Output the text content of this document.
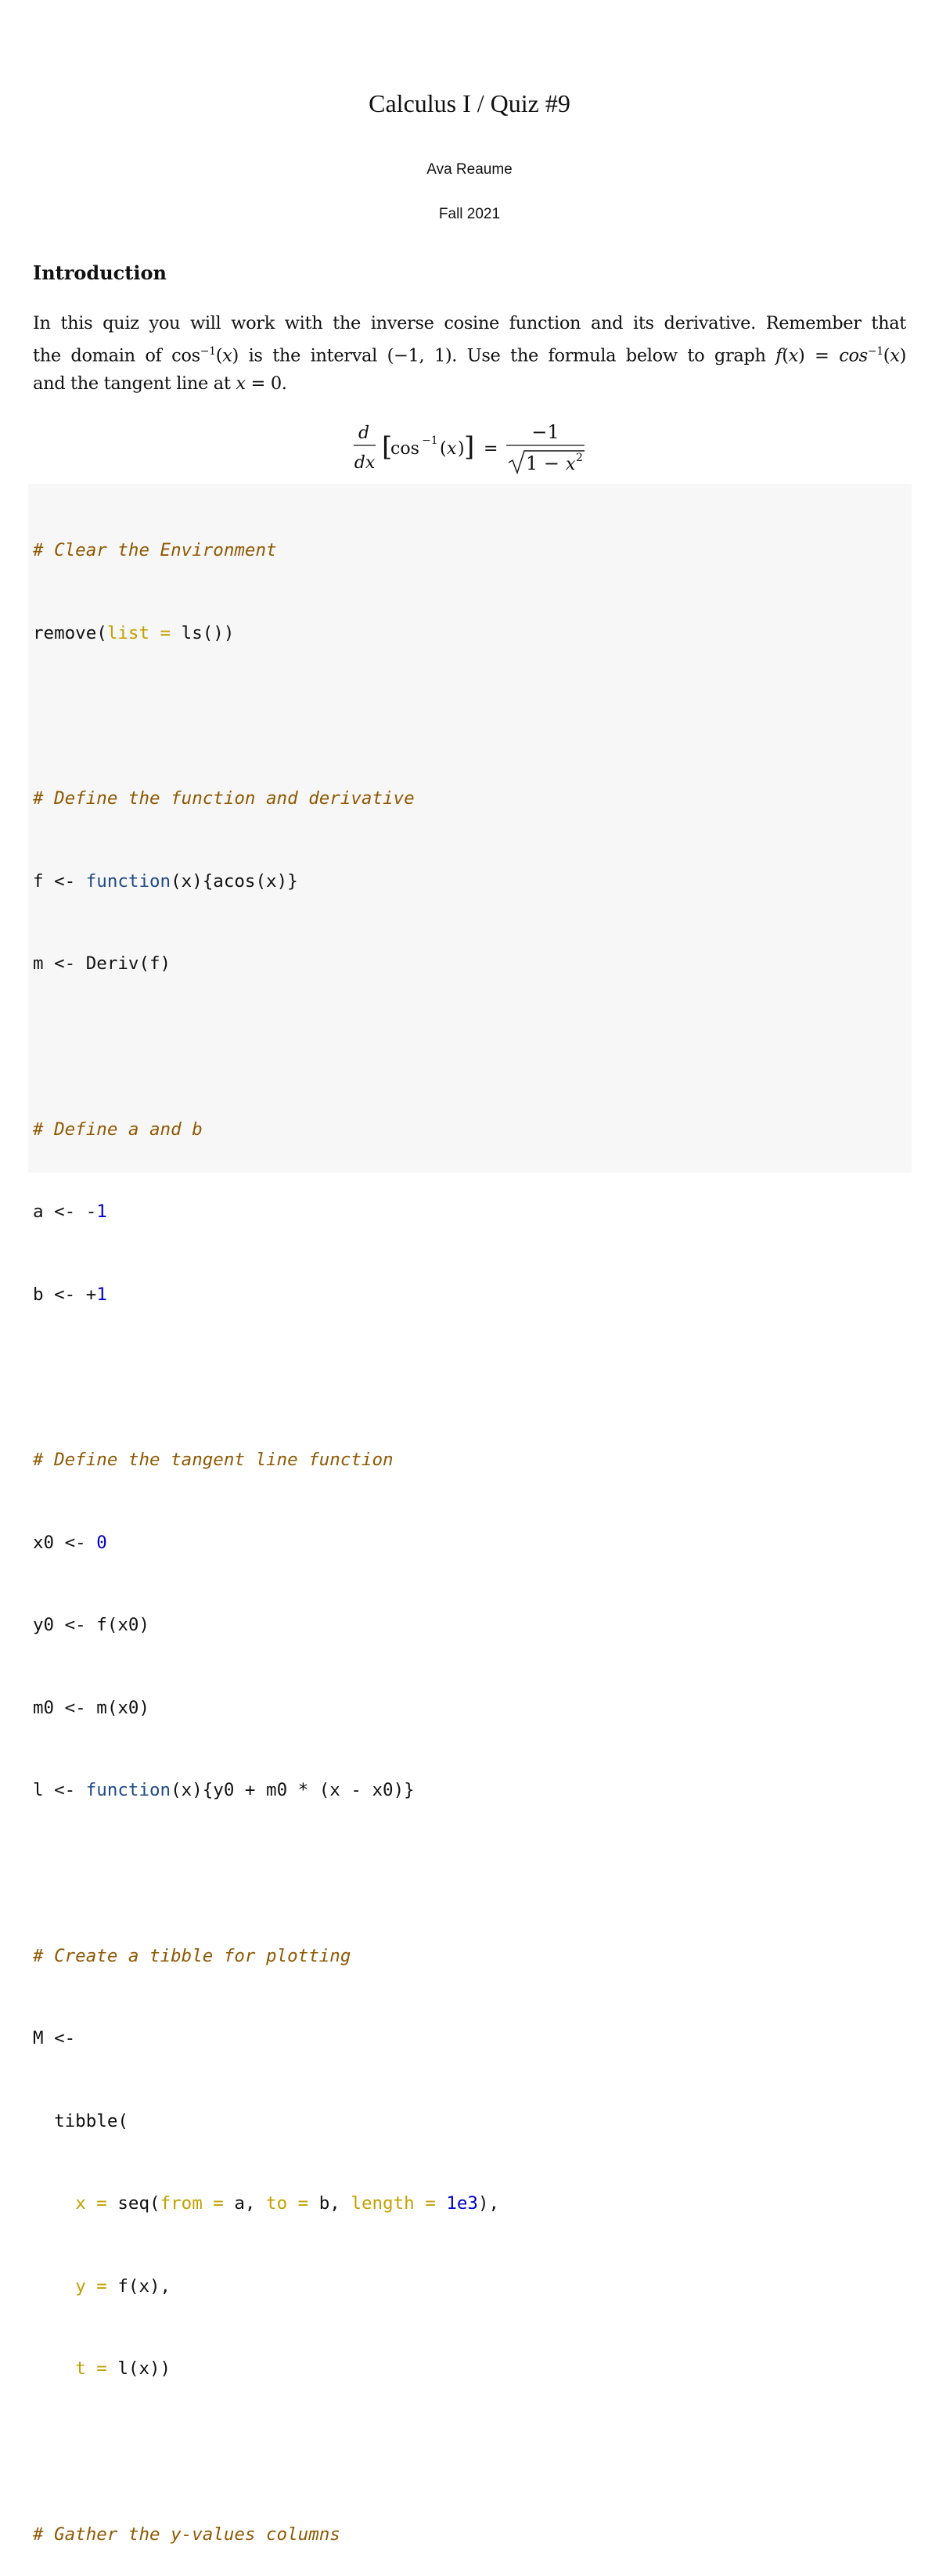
Calculus I / Quiz #9
Ava Reaume
Fall 2021
Introduction
In this quiz you will work with the inverse cosine function and its derivative. Remember that
the domain of $\cos^{-1}(x)$ is the interval (−1, 1). Use the formula below to graph $f(x) = \cos^{-1}(x)$
and the tangent line at x = 0.
d
dx
[
cos −1 ( x ) ] =
−1
1 − x 2

# Clear the Environment

remove(list = ls())

# Define the function and derivative

f <- function(x){acos(x)}

m <- Deriv(f)

# Define a and b

a <- -1

b <- +1

# Define the tangent line function

x0 <- 0

y0 <- f(x0)

m0 <- m(x0)

l <- function(x){y0 + m0 * (x - x0)}

# Create a tibble for plotting

M <-

tibble(

x = seq(from = a, to = b, length = 1e3),

y = f(x),

t = l(x))

# Gather the y-values columns
